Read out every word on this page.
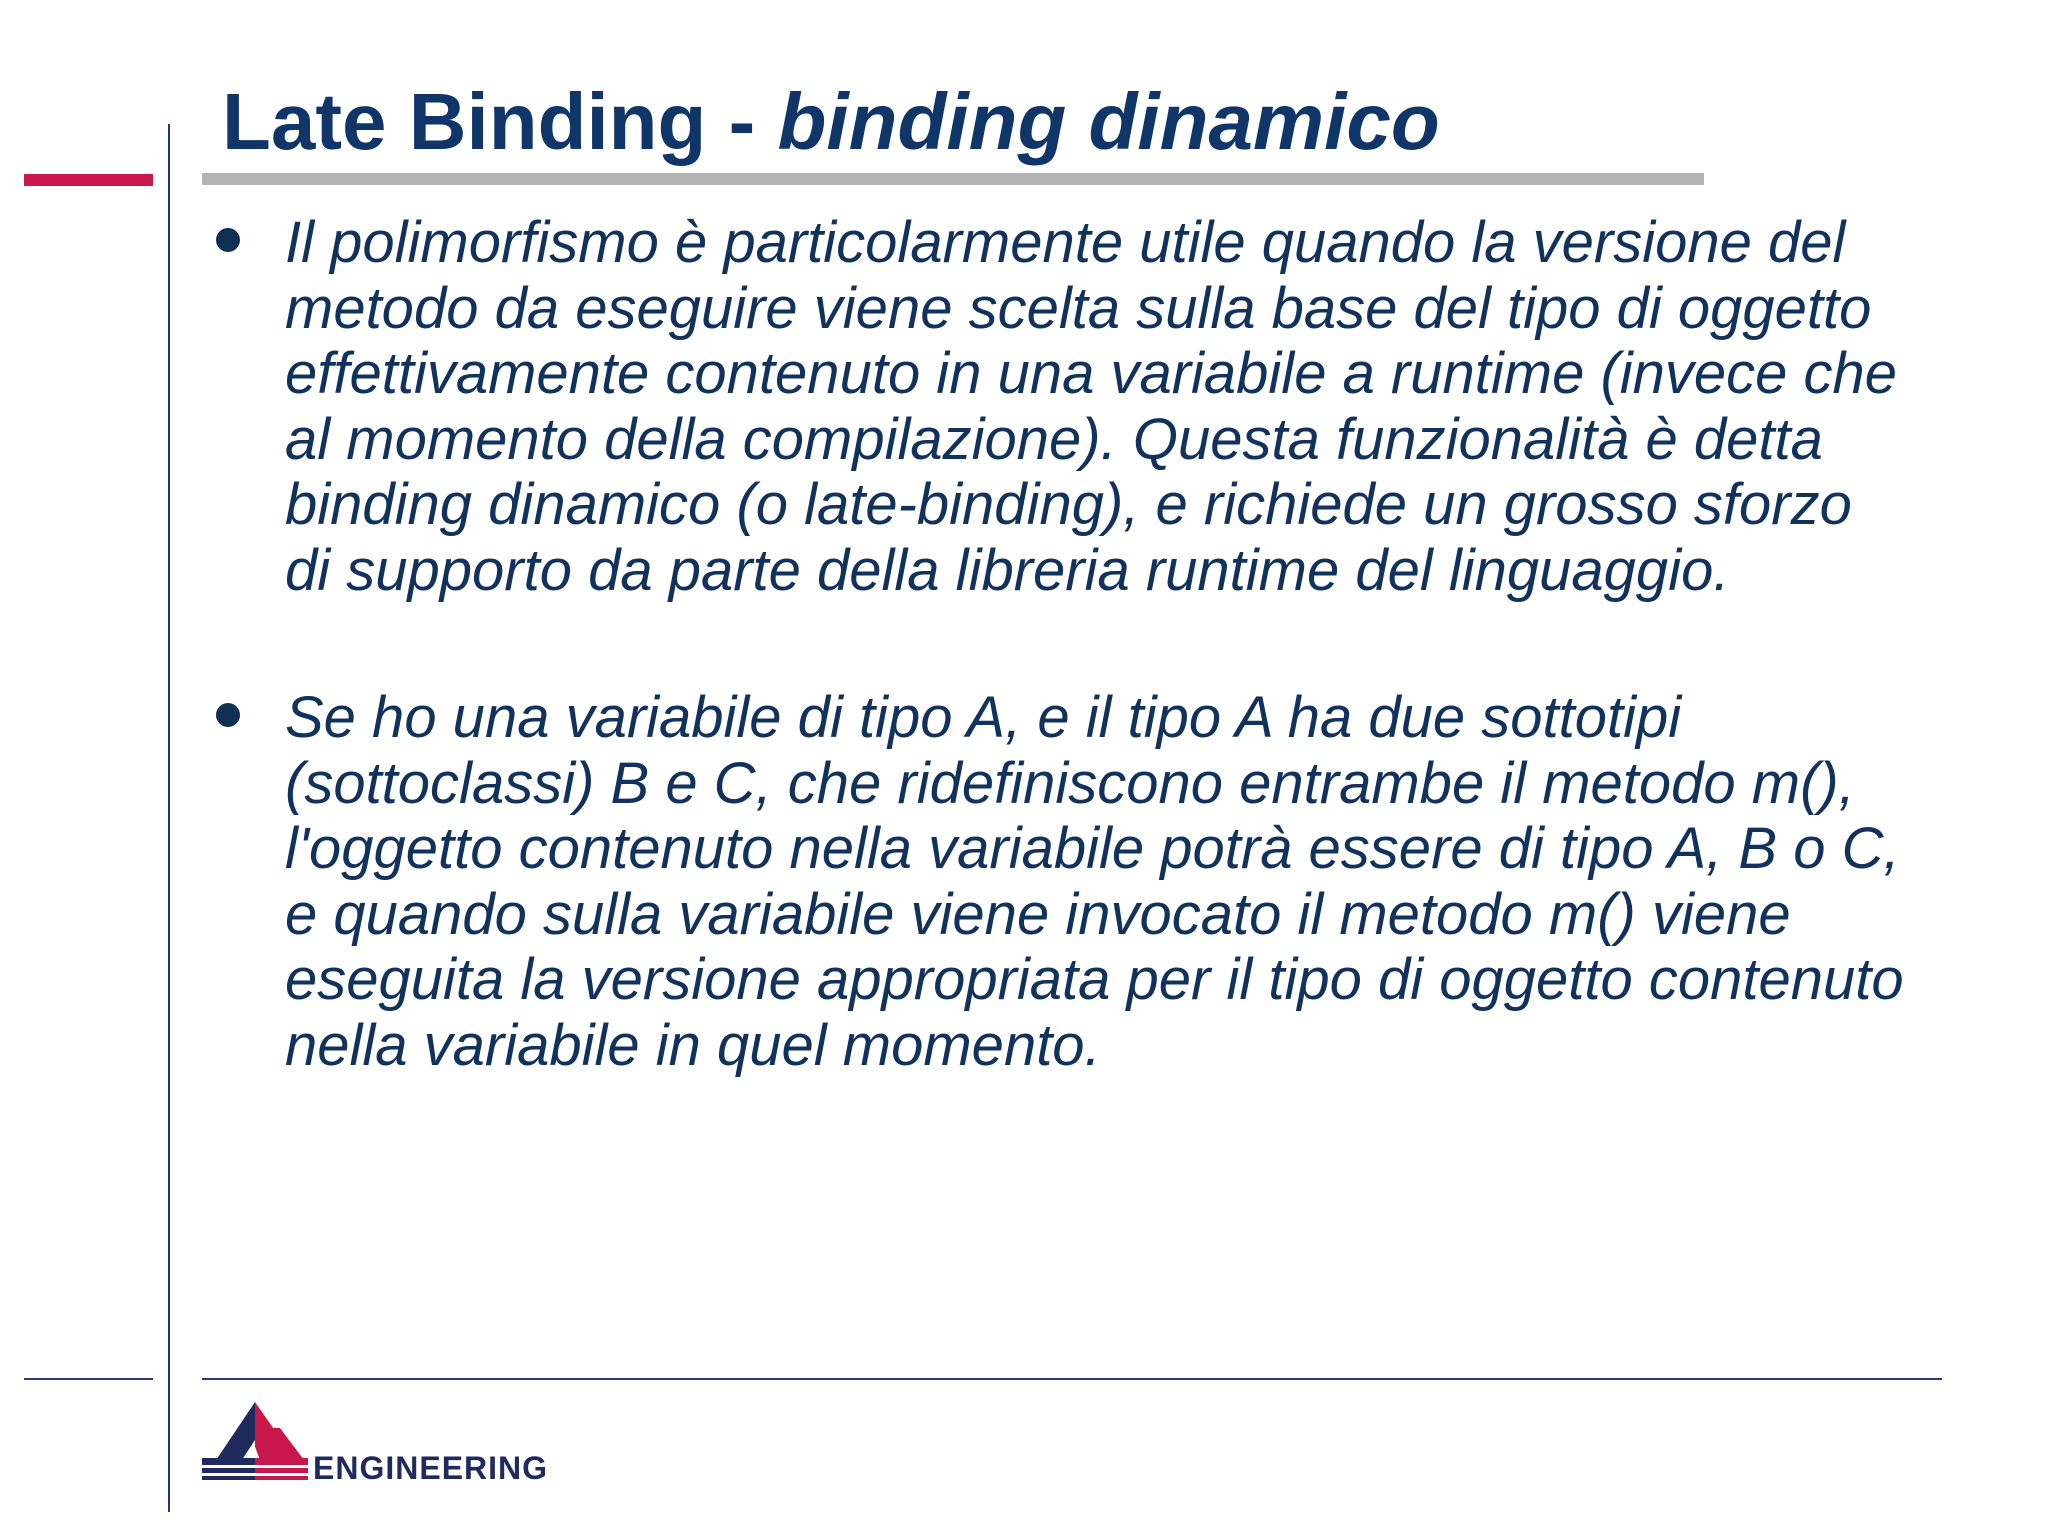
Late Binding - binding dinamico
Il polimorfismo è particolarmente utile quando la versione del metodo da eseguire viene scelta sulla base del tipo di oggetto effettivamente contenuto in una variabile a runtime (invece che al momento della compilazione). Questa funzionalità è detta binding dinamico (o late-binding), e richiede un grosso sforzo di supporto da parte della libreria runtime del linguaggio.
Se ho una variabile di tipo A, e il tipo A ha due sottotipi (sottoclassi) B e C, che ridefiniscono entrambe il metodo m(), l'oggetto contenuto nella variabile potrà essere di tipo A, B o C, e quando sulla variabile viene invocato il metodo m() viene eseguita la versione appropriata per il tipo di oggetto contenuto nella variabile in quel momento.
ENGINEERING
